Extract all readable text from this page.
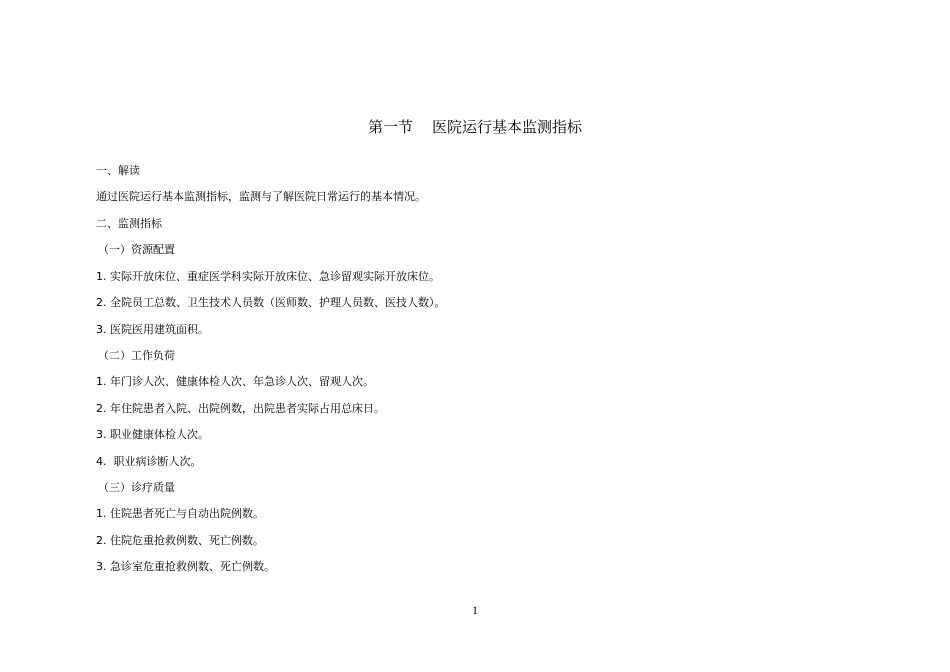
第一节    医院运行基本监测指标
一、解读
通过医院运行基本监测指标，监测与了解医院日常运行的基本情况。
二、监测指标
（一）资源配置
1. 实际开放床位、重症医学科实际开放床位、急诊留观实际开放床位。
2. 全院员工总数、卫生技术人员数（医师数、护理人员数、医技人数）。
3. 医院医用建筑面积。
（二）工作负荷
1. 年门诊人次、健康体检人次、年急诊人次、留观人次。
2. 年住院患者入院、出院例数，出院患者实际占用总床日。
3. 职业健康体检人次。
4.  职业病诊断人次。
（三）诊疗质量
1. 住院患者死亡与自动出院例数。
2. 住院危重抢救例数、死亡例数。
3. 急诊室危重抢救例数、死亡例数。
1
